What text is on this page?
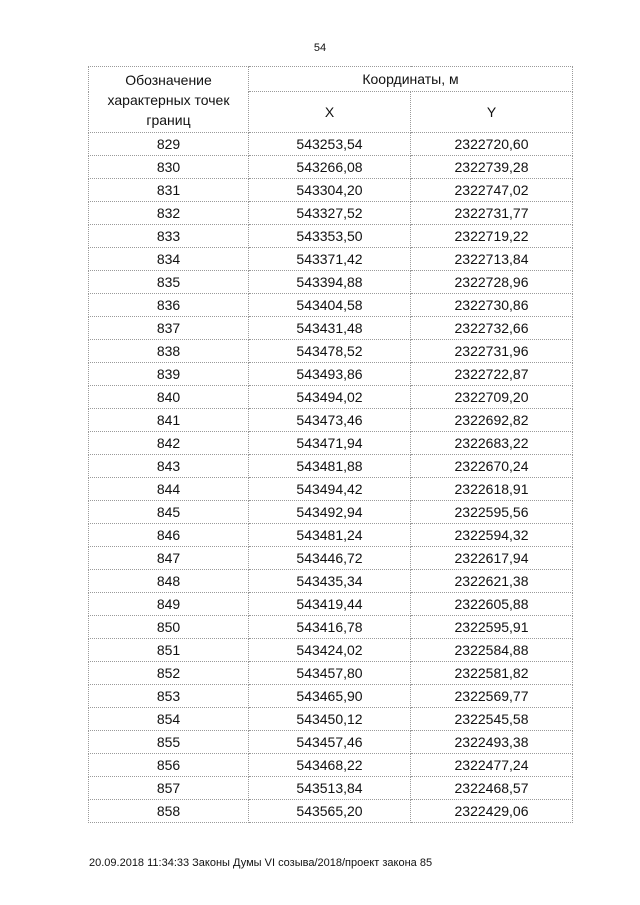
54
Обозначение характерных точек границ	Координаты, м	
	X	Y
829	543253,54	2322720,60
830	543266,08	2322739,28
831	543304,20	2322747,02
832	543327,52	2322731,77
833	543353,50	2322719,22
834	543371,42	2322713,84
835	543394,88	2322728,96
836	543404,58	2322730,86
837	543431,48	2322732,66
838	543478,52	2322731,96
839	543493,86	2322722,87
840	543494,02	2322709,20
841	543473,46	2322692,82
842	543471,94	2322683,22
843	543481,88	2322670,24
844	543494,42	2322618,91
845	543492,94	2322595,56
846	543481,24	2322594,32
847	543446,72	2322617,94
848	543435,34	2322621,38
849	543419,44	2322605,88
850	543416,78	2322595,91
851	543424,02	2322584,88
852	543457,80	2322581,82
853	543465,90	2322569,77
854	543450,12	2322545,58
855	543457,46	2322493,38
856	543468,22	2322477,24
857	543513,84	2322468,57
858	543565,20	2322429,06
20.09.2018 11:34:33 Законы Думы VI созыва/2018/проект закона 85
